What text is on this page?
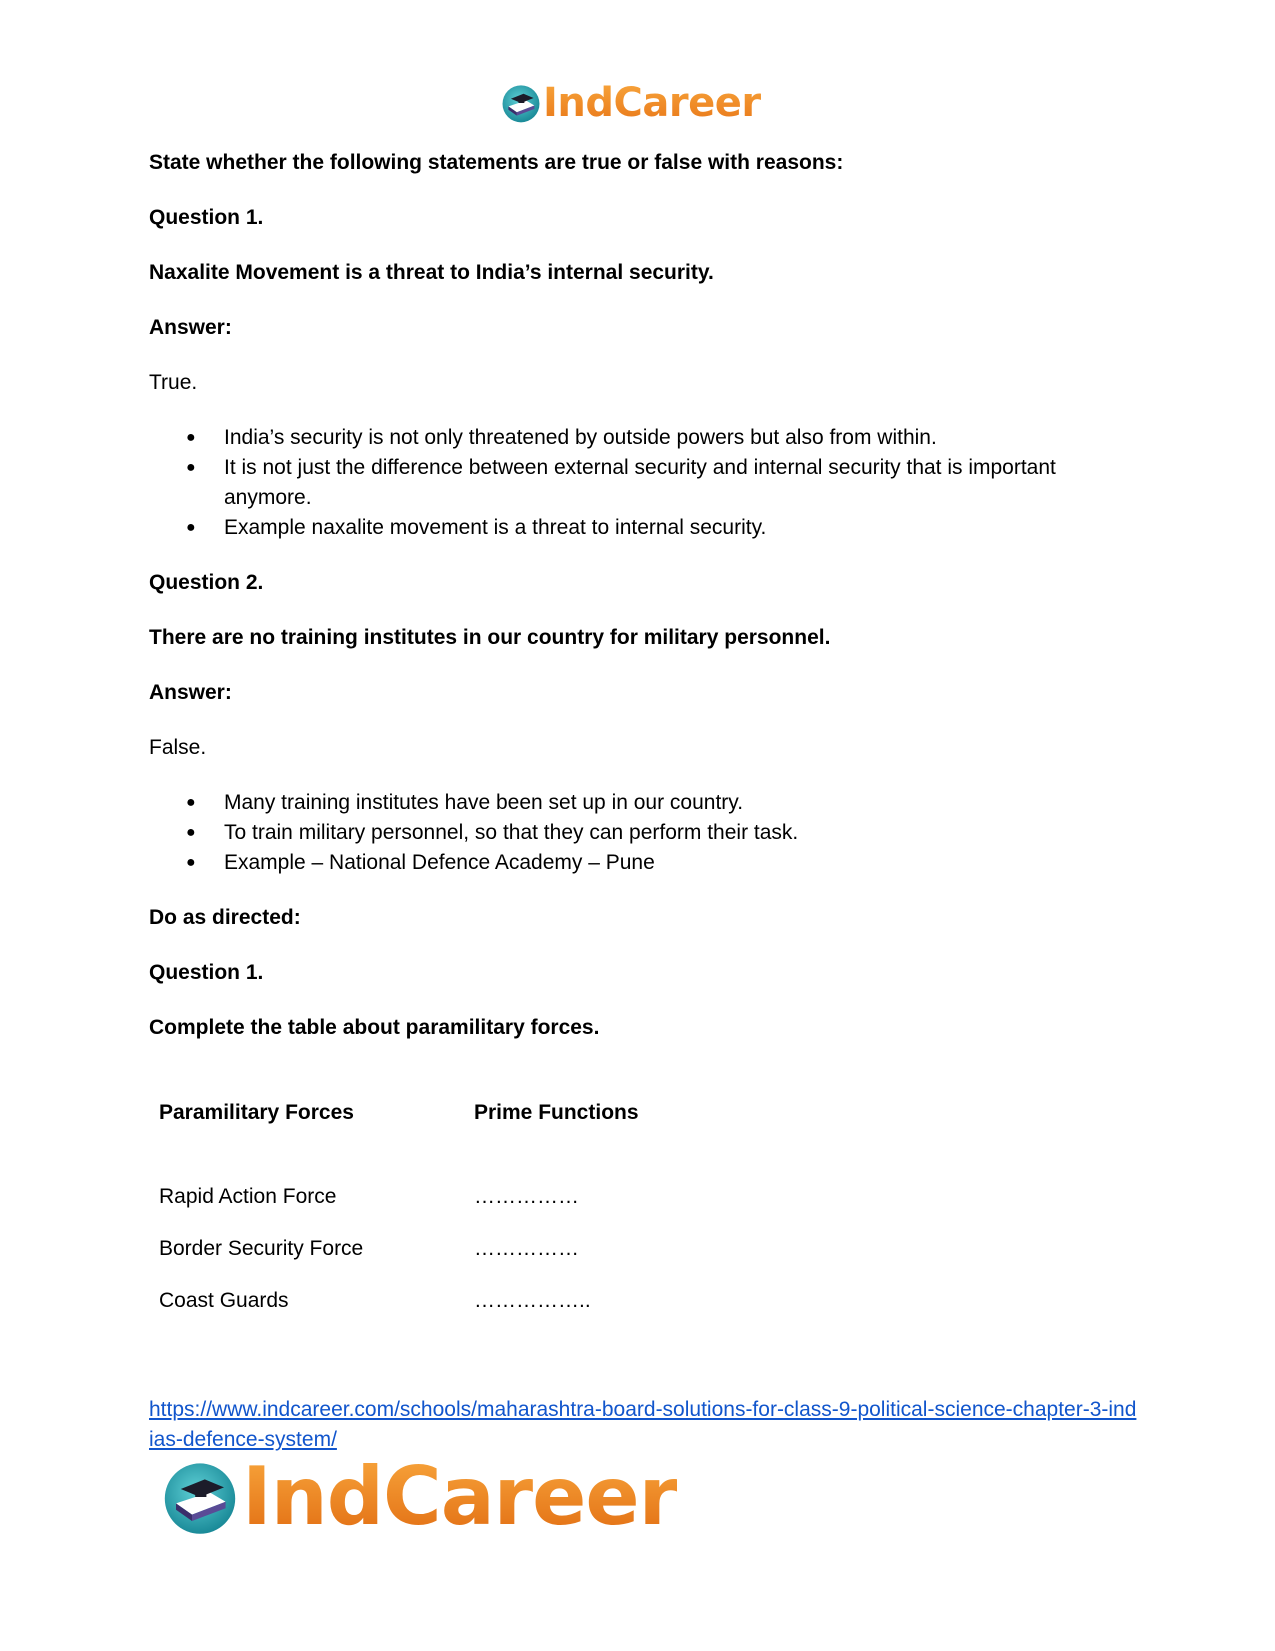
IndCareer

State whether the following statements are true or false with reasons:

Question 1.

Naxalite Movement is a threat to India’s internal security.

Answer:

True.

● India’s security is not only threatened by outside powers but also from within.
● It is not just the difference between external security and internal security that is important anymore.
● Example naxalite movement is a threat to internal security.

Question 2.

There are no training institutes in our country for military personnel.

Answer:

False.

● Many training institutes have been set up in our country.
● To train military personnel, so that they can perform their task.
● Example – National Defence Academy – Pune

Do as directed:

Question 1.

Complete the table about paramilitary forces.

Paramilitary Forces	Prime Functions
Rapid Action Force	……………
Border Security Force	……………
Coast Guards	……………..
https://www.indcareer.com/schools/maharashtra-board-solutions-for-class-9-political-science-chapter-3-indias-defence-system/
IndCareer
